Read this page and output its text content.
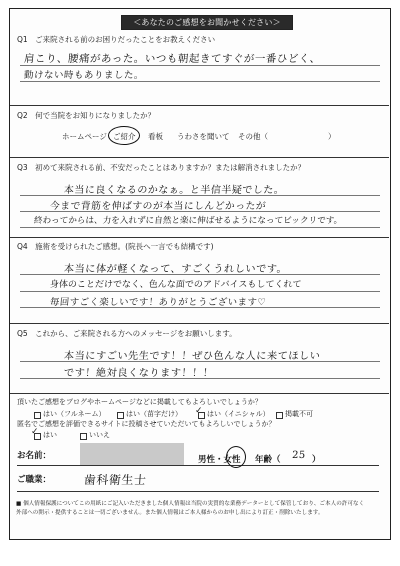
＜あなたのご感想をお聞かせください＞
Q1　ご来院される前のお困りだったことをお教えください
肩こり、腰痛があった。いつも朝起きてすぐが一番ひどく、
動けない時もありました。
Q2　何で当院をお知りになりましたか？
ホームページ ご紹介 看板 うわさを聞いて その他（	）
Q3　初めて来院される前、不安だったことはありますか？または解消されましたか？
本当に良くなるのかなぁ。と半信半疑でした。
今まで背筋を伸ばすのが本当にしんどかったが
終わってからは、力を入れずに自然と楽に伸ばせるようになってビックリです。
Q4　施術を受けられたご感想。(院長へ一言でも結構です)
本当に体が軽くなって、すごくうれしいです。
身体のことだけでなく、色んな面でのアドバイスもしてくれて
毎回すごく楽しいです！ありがとうございます♡
Q5　これから、ご来院される方へのメッセージをお願いします。
本当にすごい先生です！！ぜひ色んな人に来てほしい
です！絶対良くなります！！！
頂いたご感想をブログやホームページなどに掲載してもよろしいでしょうか？
はい（フルネーム）	はい（苗字だけ） ✓ はい（イニシャル） 掲載不可
匿名でご感想を評価できるサイトに投稿させていただいてもよろしいでしょうか？
✓ はい	いいえ
お名前：	男性・女性 年齢（ 25 ）
ご職業：	歯科衛生士
■ 個人情報保護についてこの用紙にご記入いただきました個人情報は当院の実質的な業務データーとして保管しており、ご本人の許可なく
外部への開示・提供することは一切ございません。また個人情報はご本人様からのお申し出により訂正・削除いたします。
